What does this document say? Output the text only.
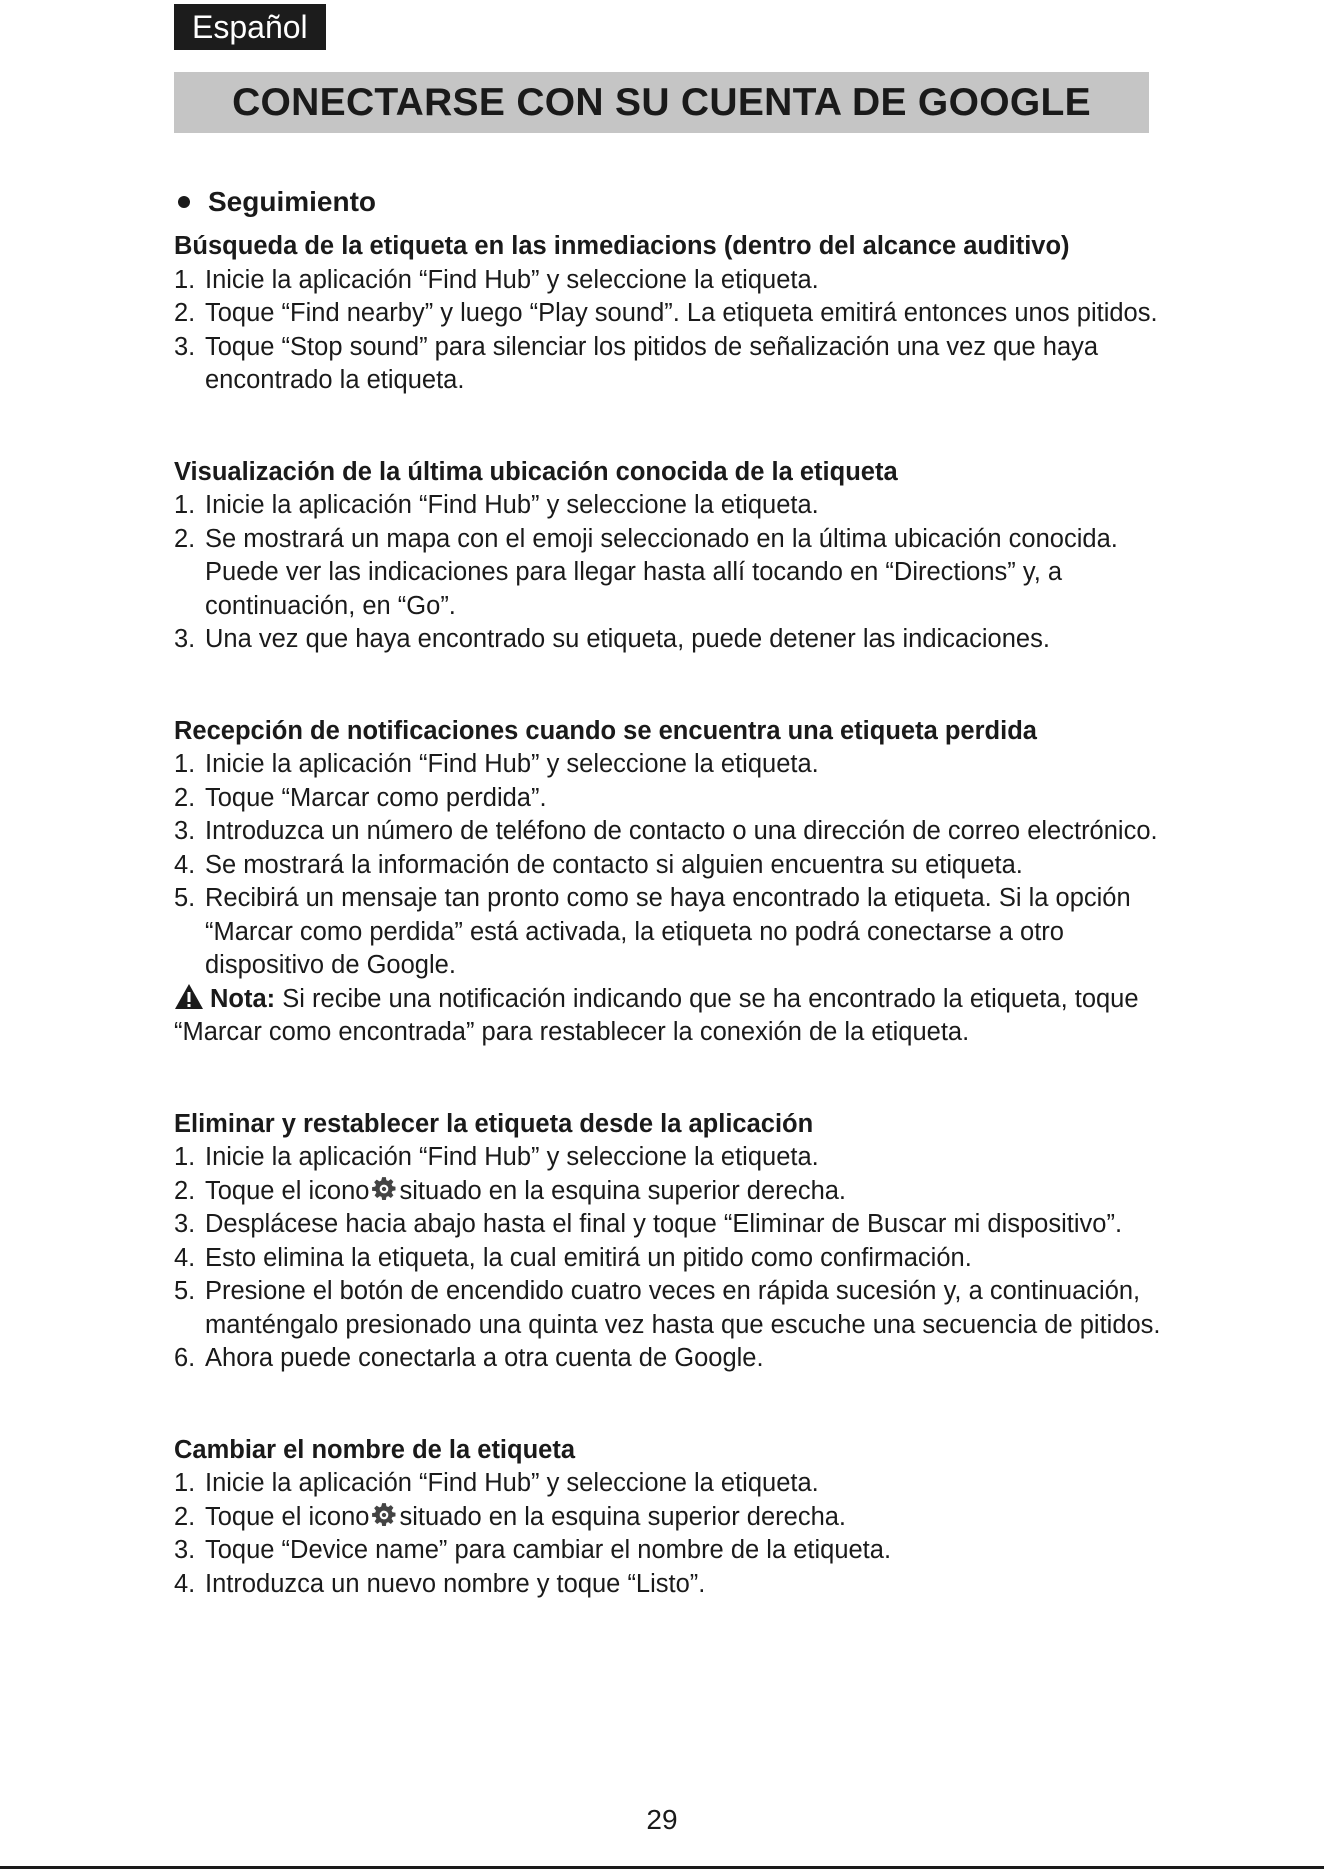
Español
CONECTARSE CON SU CUENTA DE GOOGLE
Seguimiento
Búsqueda de la etiqueta en las inmediacions (dentro del alcance auditivo)
1. Inicie la aplicación “Find Hub” y seleccione la etiqueta.
2. Toque “Find nearby” y luego “Play sound”. La etiqueta emitirá entonces unos pitidos.
3. Toque “Stop sound” para silenciar los pitidos de señalización una vez que haya encontrado la etiqueta.
Visualización de la última ubicación conocida de la etiqueta
1. Inicie la aplicación “Find Hub” y seleccione la etiqueta.
2. Se mostrará un mapa con el emoji seleccionado en la última ubicación conocida. Puede ver las indicaciones para llegar hasta allí tocando en “Directions” y, a continuación, en “Go”.
3. Una vez que haya encontrado su etiqueta, puede detener las indicaciones.
Recepción de notificaciones cuando se encuentra una etiqueta perdida
1. Inicie la aplicación “Find Hub” y seleccione la etiqueta.
2. Toque “Marcar como perdida”.
3. Introduzca un número de teléfono de contacto o una dirección de correo electrónico.
4. Se mostrará la información de contacto si alguien encuentra su etiqueta.
5. Recibirá un mensaje tan pronto como se haya encontrado la etiqueta. Si la opción “Marcar como perdida” está activada, la etiqueta no podrá conectarse a otro dispositivo de Google.
Nota: Si recibe una notificación indicando que se ha encontrado la etiqueta, toque “Marcar como encontrada” para restablecer la conexión de la etiqueta.
Eliminar y restablecer la etiqueta desde la aplicación
1. Inicie la aplicación “Find Hub” y seleccione la etiqueta.
2. Toque el icono situado en la esquina superior derecha.
3. Desplácese hacia abajo hasta el final y toque “Eliminar de Buscar mi dispositivo”.
4. Esto elimina la etiqueta, la cual emitirá un pitido como confirmación.
5. Presione el botón de encendido cuatro veces en rápida sucesión y, a continuación, manténgalo presionado una quinta vez hasta que escuche una secuencia de pitidos.
6. Ahora puede conectarla a otra cuenta de Google.
Cambiar el nombre de la etiqueta
1. Inicie la aplicación “Find Hub” y seleccione la etiqueta.
2. Toque el icono situado en la esquina superior derecha.
3. Toque “Device name” para cambiar el nombre de la etiqueta.
4. Introduzca un nuevo nombre y toque “Listo”.
29
